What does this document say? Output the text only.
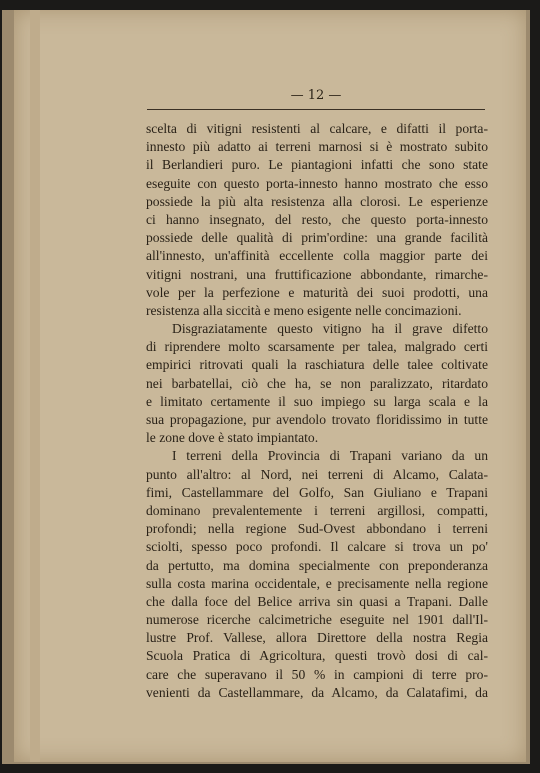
— 12 —
scelta di vitigni resistenti al calcare, e difatti il porta-
innesto più adatto ai terreni marnosi si è mostrato subito
il Berlandieri puro. Le piantagioni infatti che sono state
eseguite con questo porta-innesto hanno mostrato che esso
possiede la più alta resistenza alla clorosi. Le esperienze
ci hanno insegnato, del resto, che questo porta-innesto
possiede delle qualità di prim'ordine: una grande facilità
all'innesto, un'affinità eccellente colla maggior parte dei
vitigni nostrani, una fruttificazione abbondante, rimarche-
vole per la perfezione e maturità dei suoi prodotti, una
resistenza alla siccità e meno esigente nelle concimazioni.
Disgraziatamente questo vitigno ha il grave difetto
di riprendere molto scarsamente per talea, malgrado certi
empirici ritrovati quali la raschiatura delle talee coltivate
nei barbatellai, ciò che ha, se non paralizzato, ritardato
e limitato certamente il suo impiego su larga scala e la
sua propagazione, pur avendolo trovato floridissimo in tutte
le zone dove è stato impiantato.
I terreni della Provincia di Trapani variano da un
punto all'altro: al Nord, nei terreni di Alcamo, Calata-
fimi, Castellammare del Golfo, San Giuliano e Trapani
dominano prevalentemente i terreni argillosi, compatti,
profondi; nella regione Sud-Ovest abbondano i terreni
sciolti, spesso poco profondi. Il calcare si trova un po'
da pertutto, ma domina specialmente con preponderanza
sulla costa marina occidentale, e precisamente nella regione
che dalla foce del Belice arriva sin quasi a Trapani. Dalle
numerose ricerche calcimetriche eseguite nel 1901 dall'Il-
lustre Prof. Vallese, allora Direttore della nostra Regia
Scuola Pratica di Agricoltura, questi trovò dosi di cal-
care che superavano il 50 % in campioni di terre pro-
venienti da Castellammare, da Alcamo, da Calatafimi, da
